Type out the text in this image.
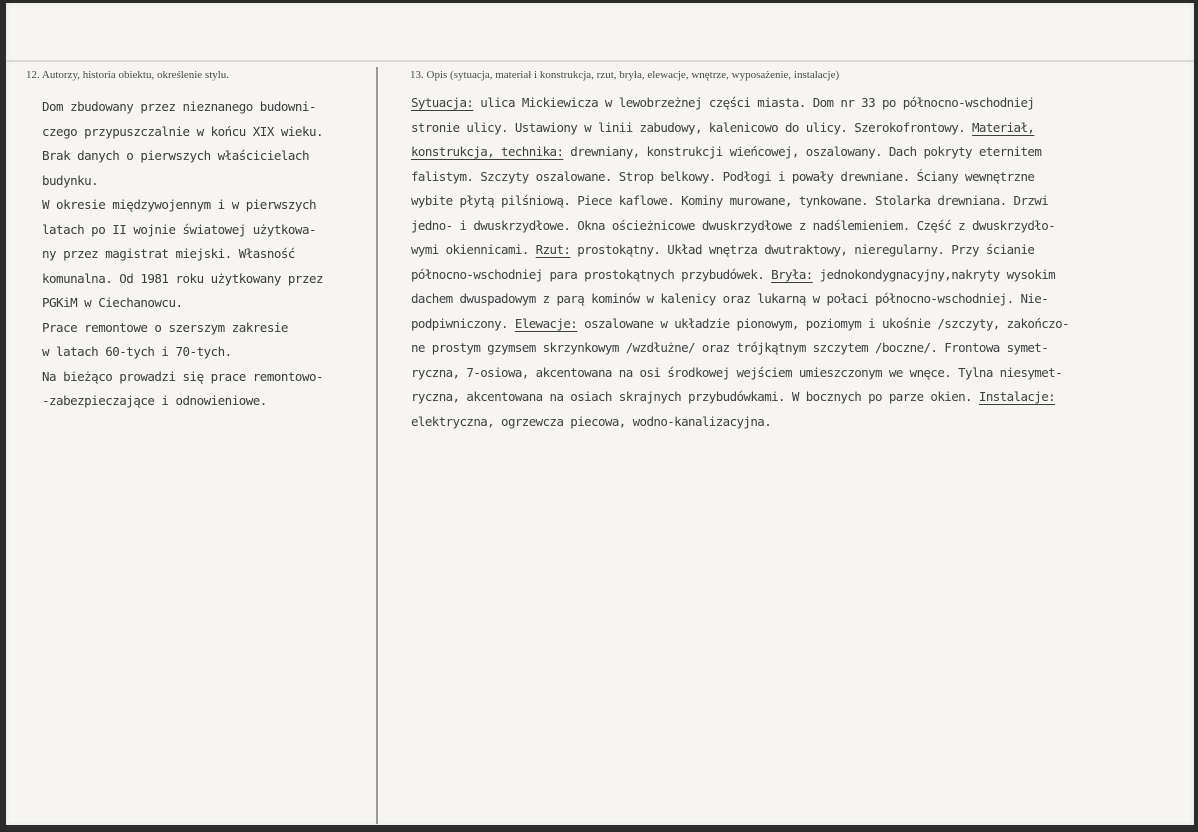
12. Autorzy, historia obiektu, określenie stylu.	13. Opis (sytuacja, materiał i konstrukcja, rzut, bryła, elewacje, wnętrze, wyposażenie, instalacje)
Dom zbudowany przez nieznanego budowni-
czego przypuszczalnie w końcu XIX wieku.
Brak danych o pierwszych właścicielach
budynku.
W okresie międzywojennym i w pierwszych
latach po II wojnie światowej użytkowa-
ny przez magistrat miejski. Własność
komunalna. Od 1981 roku użytkowany przez
PGKiM w Ciechanowcu.
Prace remontowe o szerszym zakresie
w latach 60-tych i 70-tych.
Na bieżąco prowadzi się prace remontowo-
-zabezpieczające i odnowieniowe.
Sytuacja: ulica Mickiewicza w lewobrzeżnej części miasta. Dom nr 33 po północno-wschodniej
stronie ulicy. Ustawiony w linii zabudowy, kalenicowo do ulicy. Szerokofrontowy. Materiał,
konstrukcja, technika: drewniany, konstrukcji wieńcowej, oszalowany. Dach pokryty eternitem
falistym. Szczyty oszalowane. Strop belkowy. Podłogi i powały drewniane. Ściany wewnętrzne
wybite płytą pilśniową. Piece kaflowe. Kominy murowane, tynkowane. Stolarka drewniana. Drzwi
jedno- i dwuskrzydłowe. Okna ościeżnicowe dwuskrzydłowe z nadślemieniem. Część z dwuskrzydło-
wymi okiennicami. Rzut: prostokątny. Układ wnętrza dwutraktowy, nieregularny. Przy ścianie
północno-wschodniej para prostokątnych przybudówek. Bryła: jednokondygnacyjny,nakryty wysokim
dachem dwuspadowym z parą kominów w kalenicy oraz lukarną w połaci północno-wschodniej. Nie-
podpiwniczony. Elewacje: oszalowane w układzie pionowym, poziomym i ukośnie /szczyty, zakończo-
ne prostym gzymsem skrzynkowym /wzdłużne/ oraz trójkątnym szczytem /boczne/. Frontowa symet-
ryczna, 7-osiowa, akcentowana na osi środkowej wejściem umieszczonym we wnęce. Tylna niesymet-
ryczna, akcentowana na osiach skrajnych przybudówkami. W bocznych po parze okien. Instalacje:
elektryczna, ogrzewcza piecowa, wodno-kanalizacyjna.
